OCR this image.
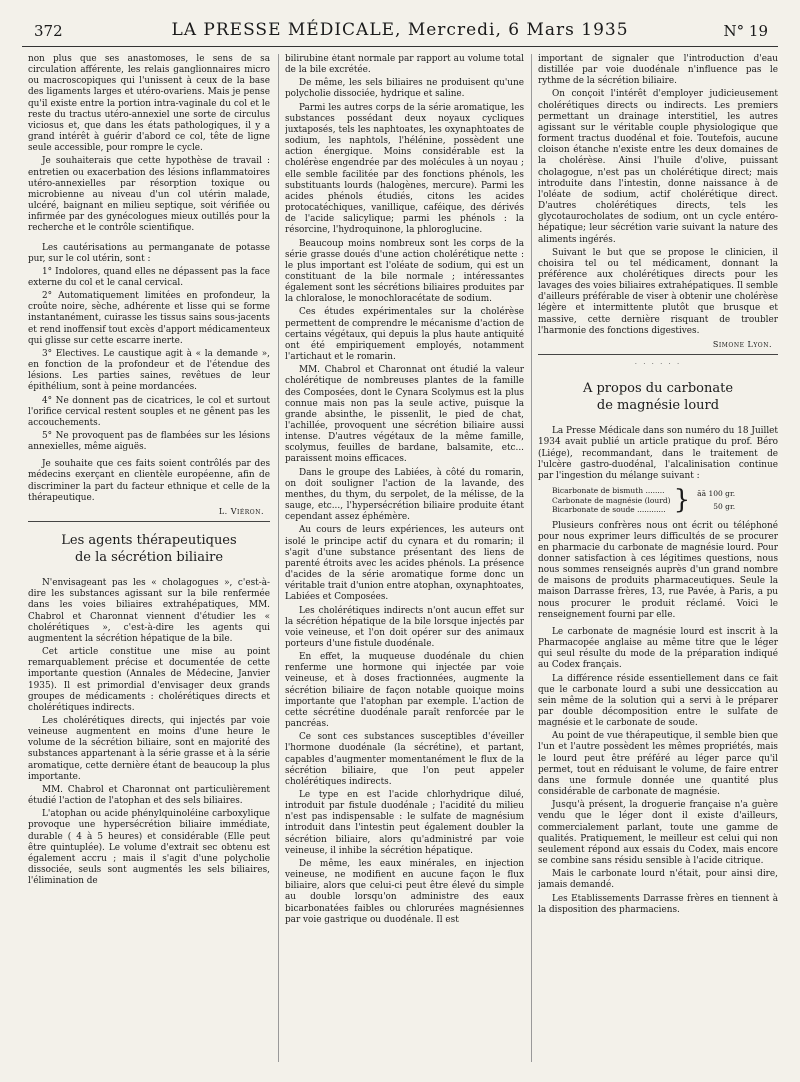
372	LA PRESSE MÉDICALE, Mercredi, 6 Mars 1935	N° 19

non plus que ses anastomoses, le sens de sa circulation afférente, les relais ganglionnaires micro ou macroscopiques qui l'unissent à ceux de la base des ligaments larges et utéro-ovariens. Mais je pense qu'il existe entre la portion intra-vaginale du col et le reste du tractus utéro-annexiel une sorte de circulus viciosus et, que dans les états pathologiques, il y a grand intérêt à guérir d'abord ce col, tête de ligne seule accessible, pour rompre le cycle.

Je souhaiterais que cette hypothèse de travail : entretien ou exacerbation des lésions inflammatoires utéro-annexielles par résorption toxique ou microbienne au niveau d'un col utérin malade, ulcéré, baignant en milieu septique, soit vérifiée ou infirmée par des gynécologues mieux outillés pour la recherche et le contrôle scientifique.

Les cautérisations au permanganate de potasse pur, sur le col utérin, sont :

1° Indolores, quand elles ne dépassent pas la face externe du col et le canal cervical.

2° Automatiquement limitées en profondeur, la croûte noire, sèche, adhérente et lisse qui se forme instantanément, cuirasse les tissus sains sous-jacents et rend inoffensif tout excès d'apport médicamenteux qui glisse sur cette escarre inerte.

3° Electives. Le caustique agit à « la demande », en fonction de la profondeur et de l'étendue des lésions. Les parties saines, revêtues de leur épithélium, sont à peine mordancées.

4° Ne donnent pas de cicatrices, le col et surtout l'orifice cervical restent souples et ne gênent pas les accouchements.

5° Ne provoquent pas de flambées sur les lésions annexielles, même aiguës.

Je souhaite que ces faits soient contrôlés par des médecins exerçant en clientèle européenne, afin de discriminer la part du facteur ethnique et celle de la thérapeutique.

L. Viéron.
Les agents thérapeutiques
de la sécrétion biliaire

N'envisageant pas les « cholagogues », c'est-à-dire les substances agissant sur la bile renfermée dans les voies biliaires extrahépatiques, MM. Chabrol et Charonnat viennent d'étudier les « cholérétiques », c'est-à-dire les agents qui augmentent la sécrétion hépatique de la bile.

Cet article constitue une mise au point remarquablement précise et documentée de cette importante question (Annales de Médecine, Janvier 1935). Il est primordial d'envisager deux grands groupes de médicaments : cholérétiques directs et cholérétiques indirects.

Les cholérétiques directs, qui injectés par voie veineuse augmentent en moins d'une heure le volume de la sécrétion biliaire, sont en majorité des substances appartenant à la série grasse et à la série aromatique, cette dernière étant de beaucoup la plus importante.

MM. Chabrol et Charonnat ont particulièrement étudié l'action de l'atophan et des sels biliaires.

L'atophan ou acide phénylquinoléine carboxylique provoque une hypersécrétion biliaire immédiate, durable ( 4 à 5 heures) et considérable (Elle peut être quintuplée). Le volume d'extrait sec obtenu est également accru ; mais il s'agit d'une polycholie dissociée, seuls sont augmentés les sels biliaires, l'élimination de

bilirubine étant normale par rapport au volume total de la bile excrétée.

De même, les sels biliaires ne produisent qu'une polycholie dissociée, hydrique et saline.

Parmi les autres corps de la série aromatique, les substances possédant deux noyaux cycliques juxtaposés, tels les naphtoates, les oxynaphtoates de sodium, les naphtols, l'hélénine, possèdent une action énergique. Moins considérable est la cholérèse engendrée par des molécules à un noyau ; elle semble facilitée par des fonctions phénols, les substituants lourds (halogènes, mercure). Parmi les acides phénols étudiés, citons les acides protocatéchiques, vanillique, caféique, des dérivés de l'acide salicylique; parmi les phénols : la résorcine, l'hydroquinone, la phloroglucine.

Beaucoup moins nombreux sont les corps de la série grasse doués d'une action cholérétique nette : le plus important est l'oléate de sodium, qui est un constituant de la bile normale ; intéressantes également sont les sécrétions biliaires produites par la chloralose, le monochloracétate de sodium.

Ces études expérimentales sur la cholérèse permettent de comprendre le mécanisme d'action de certains végétaux, qui depuis la plus haute antiquité ont été empiriquement employés, notamment l'artichaut et le romarin.

MM. Chabrol et Charonnat ont étudié la valeur cholérétique de nombreuses plantes de la famille des Composées, dont le Cynara Scolymus est la plus connue mais non pas la seule active, puisque la grande absinthe, le pissenlit, le pied de chat, l'achillée, provoquent une sécrétion biliaire aussi intense. D'autres végétaux de la même famille, scolymus, feuilles de bardane, balsamite, etc... paraissent moins efficaces.

Dans le groupe des Labiées, à côté du romarin, on doit souligner l'action de la lavande, des menthes, du thym, du serpolet, de la mélisse, de la sauge, etc..., l'hypersécrétion biliaire produite étant cependant assez éphémère.

Au cours de leurs expériences, les auteurs ont isolé le principe actif du cynara et du romarin; il s'agit d'une substance présentant des liens de parenté étroits avec les acides phénols. La présence d'acides de la série aromatique forme donc un véritable trait d'union entre atophan, oxynaphtoates, Labiées et Composées.

Les cholérétiques indirects n'ont aucun effet sur la sécrétion hépatique de la bile lorsque injectés par voie veineuse, et l'on doit opérer sur des animaux porteurs d'une fistule duodénale.

En effet, la muqueuse duodénale du chien renferme une hormone qui injectée par voie veineuse, et à doses fractionnées, augmente la sécrétion biliaire de façon notable quoique moins importante que l'atophan par exemple. L'action de cette sécrétine duodénale paraît renforcée par le pancréas.

Ce sont ces substances susceptibles d'éveiller l'hormone duodénale (la sécrétine), et partant, capables d'augmenter momentanément le flux de la sécrétion biliaire, que l'on peut appeler cholérétiques indirects.

Le type en est l'acide chlorhydrique dilué, introduit par fistule duodénale ; l'acidité du milieu n'est pas indispensable : le sulfate de magnésium introduit dans l'intestin peut également doubler la sécrétion biliaire, alors qu'administré par voie veineuse, il inhibe la sécrétion hépatique.

De même, les eaux minérales, en injection veineuse, ne modifient en aucune façon le flux biliaire, alors que celui-ci peut être élevé du simple au double lorsqu'on administre des eaux bicarbonatées faibles ou chlorurées magnésiennes par voie gastrique ou duodénale. Il est

important de signaler que l'introduction d'eau distillée par voie duodénale n'influence pas le rythme de la sécrétion biliaire.

On conçoit l'intérêt d'employer judicieusement cholérétiques directs ou indirects. Les premiers permettant un drainage interstitiel, les autres agissant sur le véritable couple physiologique que forment tractus duodénal et foie. Toutefois, aucune cloison étanche n'existe entre les deux domaines de la cholérèse. Ainsi l'huile d'olive, puissant cholagogue, n'est pas un cholérétique direct; mais introduite dans l'intestin, donne naissance à de l'oléate de sodium, actif cholérétique direct. D'autres cholérétiques directs, tels les glycotaurocholates de sodium, ont un cycle entéro-hépatique; leur sécrétion varie suivant la nature des aliments ingérés.

Suivant le but que se propose le clinicien, il choisira tel ou tel médicament, donnant la préférence aux cholérétiques directs pour les lavages des voies biliaires extrahépatiques. Il semble d'ailleurs préférable de viser à obtenir une cholérèse légère et intermittente plutôt que brusque et massive, cette dernière risquant de troubler l'harmonie des fonctions digestives.

Simone Lyon.
· · · · · ·
A propos du carbonate
de magnésie lourd

La Presse Médicale dans son numéro du 18 Juillet 1934 avait publié un article pratique du prof. Béro (Liége), recommandant, dans le traitement de l'ulcère gastro-duodénal, l'alcalinisation continue par l'ingestion du mélange suivant :

Bicarbonate de bismuth ........
Carbonate de magnésie (lourd)
Bicarbonate de soude ............ } āā 100 gr.
50 gr.

Plusieurs confrères nous ont écrit ou téléphoné pour nous exprimer leurs difficultés de se procurer en pharmacie du carbonate de magnésie lourd. Pour donner satisfaction à ces légitimes questions, nous nous sommes renseignés auprès d'un grand nombre de maisons de produits pharmaceutiques. Seule la maison Darrasse frères, 13, rue Pavée, à Paris, a pu nous procurer le produit réclamé. Voici le renseignement fourni par elle.

Le carbonate de magnésie lourd est inscrit à la Pharmacopée anglaise au même titre que le léger qui seul résulte du mode de la préparation indiqué au Codex français.

La différence réside essentiellement dans ce fait que le carbonate lourd a subi une dessiccation au sein même de la solution qui a servi à le préparer par double décomposition entre le sulfate de magnésie et le carbonate de soude.

Au point de vue thérapeutique, il semble bien que l'un et l'autre possèdent les mêmes propriétés, mais le lourd peut être préféré au léger parce qu'il permet, tout en réduisant le volume, de faire entrer dans une formule donnée une quantité plus considérable de carbonate de magnésie.

Jusqu'à présent, la droguerie française n'a guère vendu que le léger dont il existe d'ailleurs, commercialement parlant, toute une gamme de qualités. Pratiquement, le meilleur est celui qui non seulement répond aux essais du Codex, mais encore se combine sans résidu sensible à l'acide citrique.

Mais le carbonate lourd n'était, pour ainsi dire, jamais demandé.

Les Etablissements Darrasse frères en tiennent à la disposition des pharmaciens.
